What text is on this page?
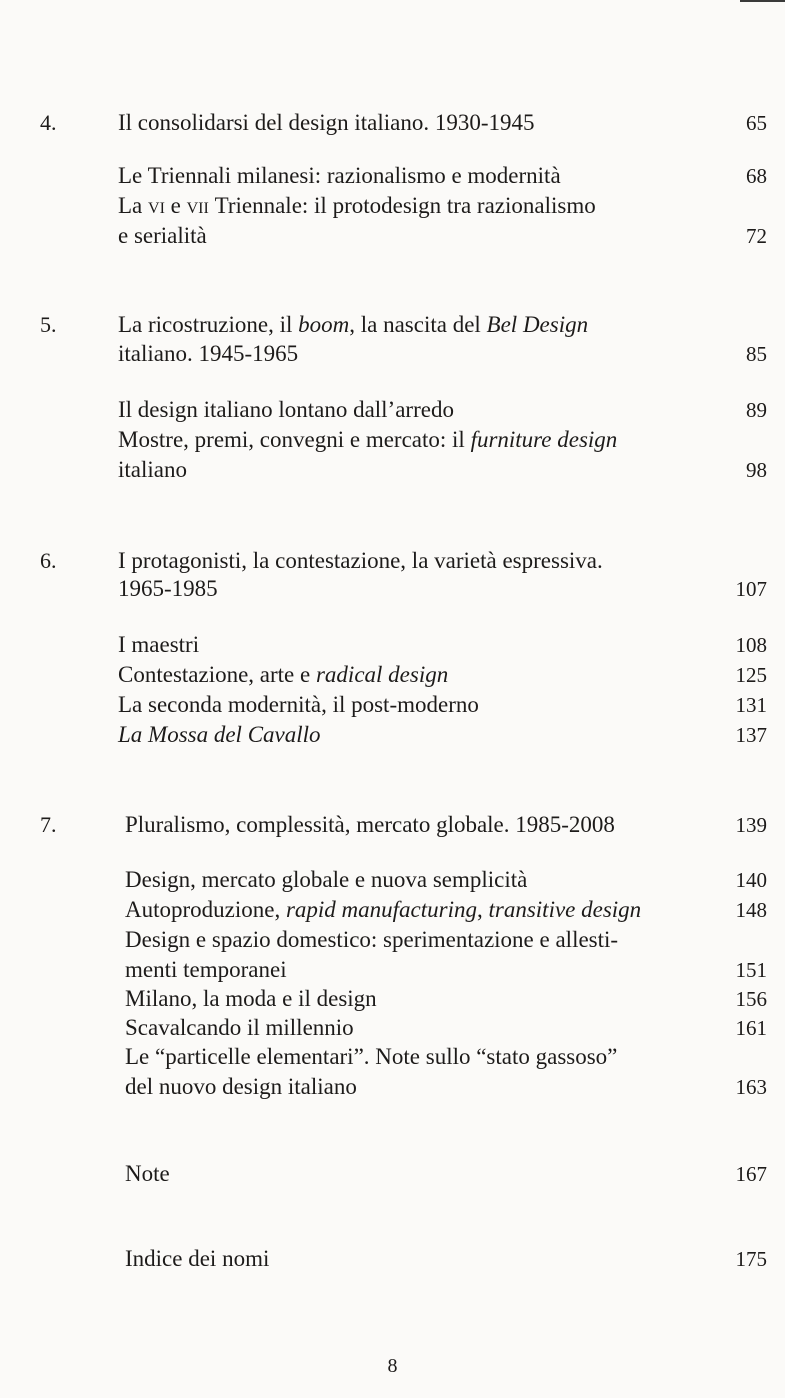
4.	Il consolidarsi del design italiano. 1930-1945	65
Le Triennali milanesi: razionalismo e modernità	68
La vi e vii Triennale: il protodesign tra razionalismo
e serialità	72
5.	La ricostruzione, il boom, la nascita del Bel Design
italiano. 1945-1965	85
Il design italiano lontano dall’arredo	89
Mostre, premi, convegni e mercato: il furniture design
italiano	98
6.	I protagonisti, la contestazione, la varietà espressiva.
1965-1985	107
I maestri	108
Contestazione, arte e radical design	125
La seconda modernità, il post-moderno	131
La Mossa del Cavallo	137
7.	Pluralismo, complessità, mercato globale. 1985-2008	139
Design, mercato globale e nuova semplicità	140
Autoproduzione, rapid manufacturing, transitive design	148
Design e spazio domestico: sperimentazione e allesti-
menti temporanei	151
Milano, la moda e il design	156
Scavalcando il millennio	161
Le “particelle elementari”. Note sullo “stato gassoso”
del nuovo design italiano	163
Note	167
Indice dei nomi	175
8
